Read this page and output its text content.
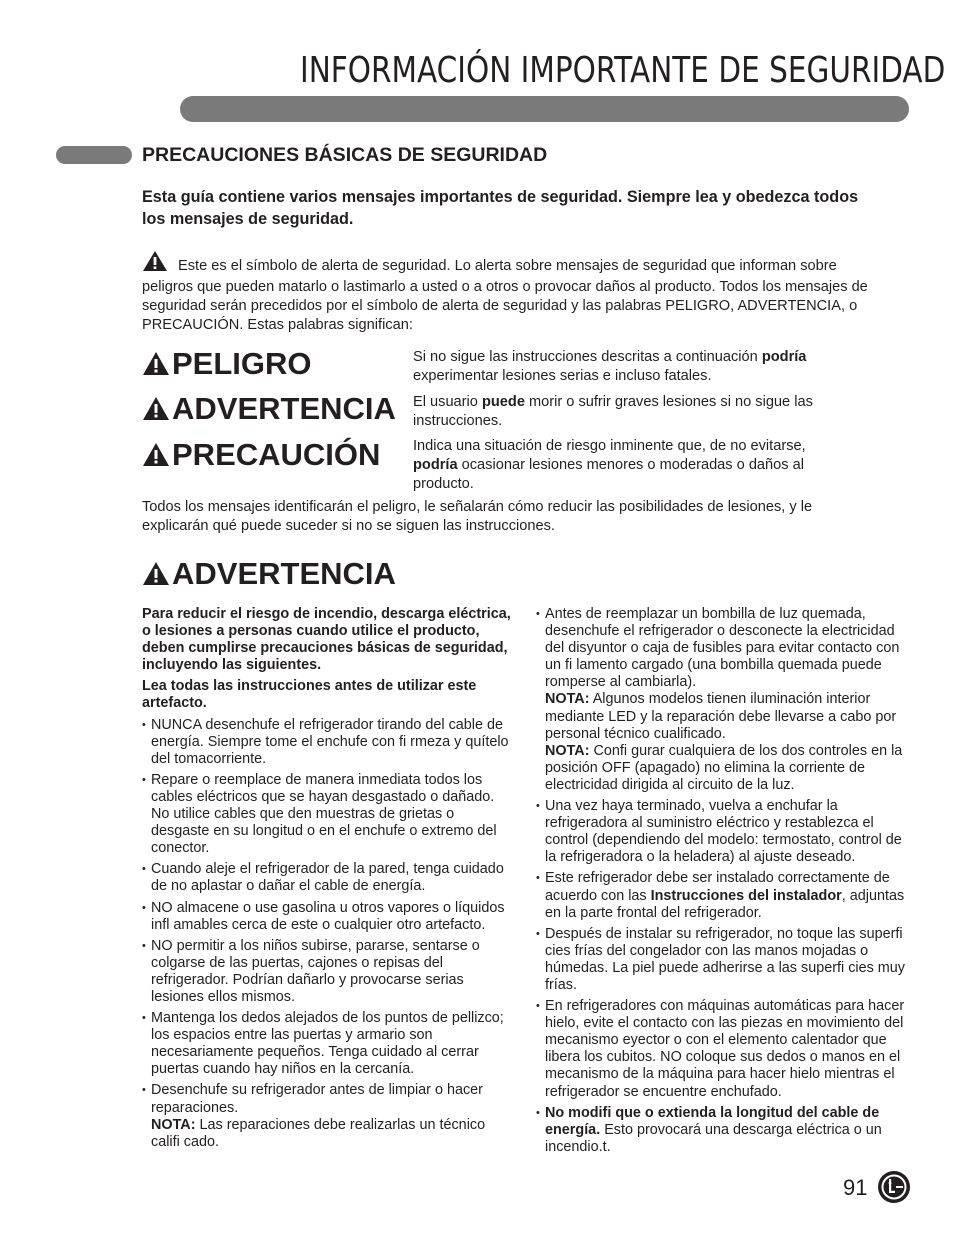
INFORMACIÓN IMPORTANTE DE SEGURIDAD
PRECAUCIONES BÁSICAS DE SEGURIDAD
Esta guía contiene varios mensajes importantes de seguridad. Siempre lea y obedezca todos los mensajes de seguridad.
Este es el símbolo de alerta de seguridad. Lo alerta sobre mensajes de seguridad que informan sobre peligros que pueden matarlo o lastimarlo a usted o a otros o provocar daños al producto. Todos los mensajes de seguridad serán precedidos por el símbolo de alerta de seguridad y las palabras PELIGRO, ADVERTENCIA, o PRECAUCIÓN. Estas palabras significan:
PELIGRO
ADVERTENCIA
PRECAUCIÓN
Si no sigue las instrucciones descritas a continuación podría experimentar lesiones serias e incluso fatales.
El usuario puede morir o sufrir graves lesiones si no sigue las instrucciones.
Indica una situación de riesgo inminente que, de no evitarse, podría ocasionar lesiones menores o moderadas o daños al producto.
Todos los mensajes identificarán el peligro, le señalarán cómo reducir las posibilidades de lesiones, y le explicarán qué puede suceder si no se siguen las instrucciones.
ADVERTENCIA

Para reducir el riesgo de incendio, descarga eléctrica, o lesiones a personas cuando utilice el producto, deben cumplirse precauciones básicas de seguridad, incluyendo las siguientes.

Lea todas las instrucciones antes de utilizar este artefacto.

• NUNCA desenchufe el refrigerador tirando del cable de energía. Siempre tome el enchufe con fi rmeza y quítelo del tomacorriente.
• Repare o reemplace de manera inmediata todos los cables eléctricos que se hayan desgastado o dañado. No utilice cables que den muestras de grietas o desgaste en su longitud o en el enchufe o extremo del conector.
• Cuando aleje el refrigerador de la pared, tenga cuidado de no aplastar o dañar el cable de energía.
• NO almacene o use gasolina u otros vapores o líquidos infl amables cerca de este o cualquier otro artefacto.
• NO permitir a los niños subirse, pararse, sentarse o colgarse de las puertas, cajones o repisas del refrigerador. Podrían dañarlo y provocarse serias lesiones ellos mismos.
• Mantenga los dedos alejados de los puntos de pellizco; los espacios entre las puertas y armario son necesariamente pequeños. Tenga cuidado al cerrar puertas cuando hay niños en la cercanía.
• Desenchufe su refrigerador antes de limpiar o hacer reparaciones.
NOTA: Las reparaciones debe realizarlas un técnico califi cado.
• Antes de reemplazar un bombilla de luz quemada, desenchufe el refrigerador o desconecte la electricidad del disyuntor o caja de fusibles para evitar contacto con un fi lamento cargado (una bombilla quemada puede romperse al cambiarla).
NOTA: Algunos modelos tienen iluminación interior mediante LED y la reparación debe llevarse a cabo por personal técnico cualificado.
NOTA: Confi gurar cualquiera de los dos controles en la posición OFF (apagado) no elimina la corriente de electricidad dirigida al circuito de la luz.
• Una vez haya terminado, vuelva a enchufar la refrigeradora al suministro eléctrico y restablezca el control (dependiendo del modelo: termostato, control de la refrigeradora o la heladera) al ajuste deseado.
• Este refrigerador debe ser instalado correctamente de acuerdo con las Instrucciones del instalador, adjuntas en la parte frontal del refrigerador.
• Después de instalar su refrigerador, no toque las superfi cies frías del congelador con las manos mojadas o húmedas. La piel puede adherirse a las superfi cies muy frías.
• En refrigeradores con máquinas automáticas para hacer hielo, evite el contacto con las piezas en movimiento del mecanismo eyector o con el elemento calentador que libera los cubitos. NO coloque sus dedos o manos en el mecanismo de la máquina para hacer hielo mientras el refrigerador se encuentre enchufado.
• No modifi que o extienda la longitud del cable de energía. Esto provocará una descarga eléctrica o un incendio.t.
91
